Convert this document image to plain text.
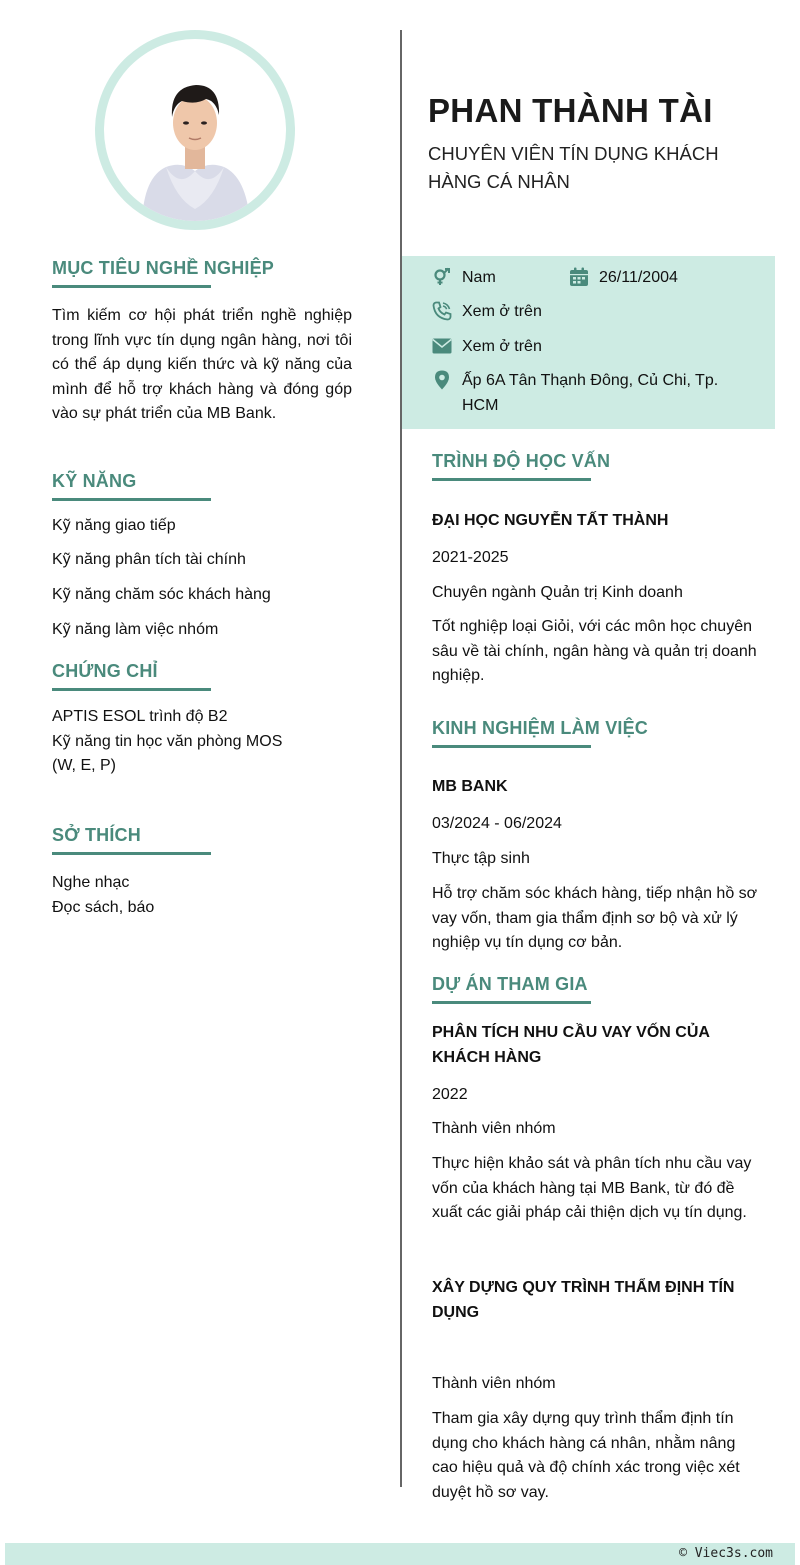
MỤC TIÊU NGHỀ NGHIỆP
Tìm kiếm cơ hội phát triển nghề nghiệp trong lĩnh vực tín dụng ngân hàng, nơi tôi có thể áp dụng kiến thức và kỹ năng của mình để hỗ trợ khách hàng và đóng góp vào sự phát triển của MB Bank.
KỸ NĂNG
Kỹ năng giao tiếp
Kỹ năng phân tích tài chính
Kỹ năng chăm sóc khách hàng
Kỹ năng làm việc nhóm
CHỨNG CHỈ
APTIS ESOL trình độ B2
Kỹ năng tin học văn phòng MOS
(W, E, P)
SỞ THÍCH
Nghe nhạc
Đọc sách, báo
PHAN THÀNH TÀI
CHUYÊN VIÊN TÍN DỤNG KHÁCH HÀNG CÁ NHÂN
Nam	26/11/2004
Xem ở trên
Xem ở trên
Ấp 6A Tân Thạnh Đông, Củ Chi, Tp. HCM
TRÌNH ĐỘ HỌC VẤN
ĐẠI HỌC NGUYỄN TẤT THÀNH
2021-2025
Chuyên ngành Quản trị Kinh doanh
Tốt nghiệp loại Giỏi, với các môn học chuyên sâu về tài chính, ngân hàng và quản trị doanh nghiệp.
KINH NGHIỆM LÀM VIỆC
MB BANK
03/2024 - 06/2024
Thực tập sinh
Hỗ trợ chăm sóc khách hàng, tiếp nhận hồ sơ vay vốn, tham gia thẩm định sơ bộ và xử lý nghiệp vụ tín dụng cơ bản.
DỰ ÁN THAM GIA
PHÂN TÍCH NHU CẦU VAY VỐN CỦA KHÁCH HÀNG
2022
Thành viên nhóm
Thực hiện khảo sát và phân tích nhu cầu vay vốn của khách hàng tại MB Bank, từ đó đề xuất các giải pháp cải thiện dịch vụ tín dụng.
XÂY DỰNG QUY TRÌNH THẨM ĐỊNH TÍN DỤNG
Thành viên nhóm
Tham gia xây dựng quy trình thẩm định tín dụng cho khách hàng cá nhân, nhằm nâng cao hiệu quả và độ chính xác trong việc xét duyệt hồ sơ vay.
© Viec3s.com
